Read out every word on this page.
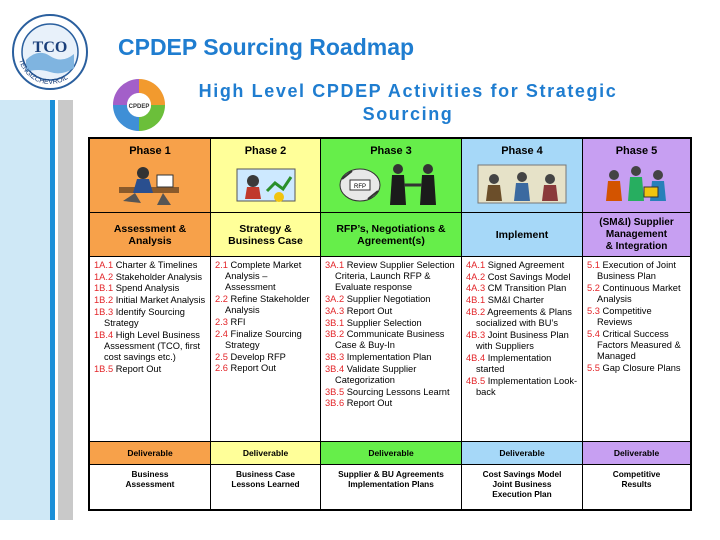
TCO
TENGIZCHEVROIL
CPDEP Sourcing Roadmap
CPDEP
High Level CPDEP Activities for Strategic Sourcing
Phase 1
Assessment &
Analysis
1A.1 Charter & Timelines
1A.2 Stakeholder Analysis
1B.1 Spend Analysis
1B.2 Initial Market Analysis
1B.3 Identify Sourcing Strategy
1B.4 High Level Business Assessment (TCO, first cost savings etc.)
1B.5 Report Out
Deliverable
Business
Assessment
Phase 2
Strategy &
Business Case
2.1 Complete Market Analysis – Assessment
2.2 Refine Stakeholder Analysis
2.3 RFI
2.4 Finalize Sourcing Strategy
2.5 Develop RFP
2.6 Report Out
Deliverable
Business Case
Lessons Learned
Phase 3
RFP
RFP’s, Negotiations &
Agreement(s)
3A.1 Review Supplier Selection Criteria, Launch RFP & Evaluate response
3A.2 Supplier Negotiation
3A.3 Report Out
3B.1 Supplier Selection
3B.2 Communicate Business Case & Buy-In
3B.3 Implementation Plan
3B.4 Validate Supplier Categorization
3B.5 Sourcing Lessons Learnt
3B.6 Report Out
Deliverable
Supplier & BU Agreements
Implementation Plans
Phase 4
Implement
4A.1 Signed Agreement
4A.2 Cost Savings Model
4A.3 CM Transition Plan
4B.1 SM&I Charter
4B.2 Agreements & Plans socialized with BU’s
4B.3 Joint Business Plan with Suppliers
4B.4 Implementation started
4B.5 Implementation Look-back
Deliverable
Cost Savings Model
Joint Business
Execution Plan
Phase 5
(SM&I) Supplier
Management
& Integration
5.1 Execution of Joint Business Plan
5.2 Continuous Market Analysis
5.3 Competitive Reviews
5.4 Critical Success Factors Measured & Managed
5.5 Gap Closure Plans
Deliverable
Competitive
Results
